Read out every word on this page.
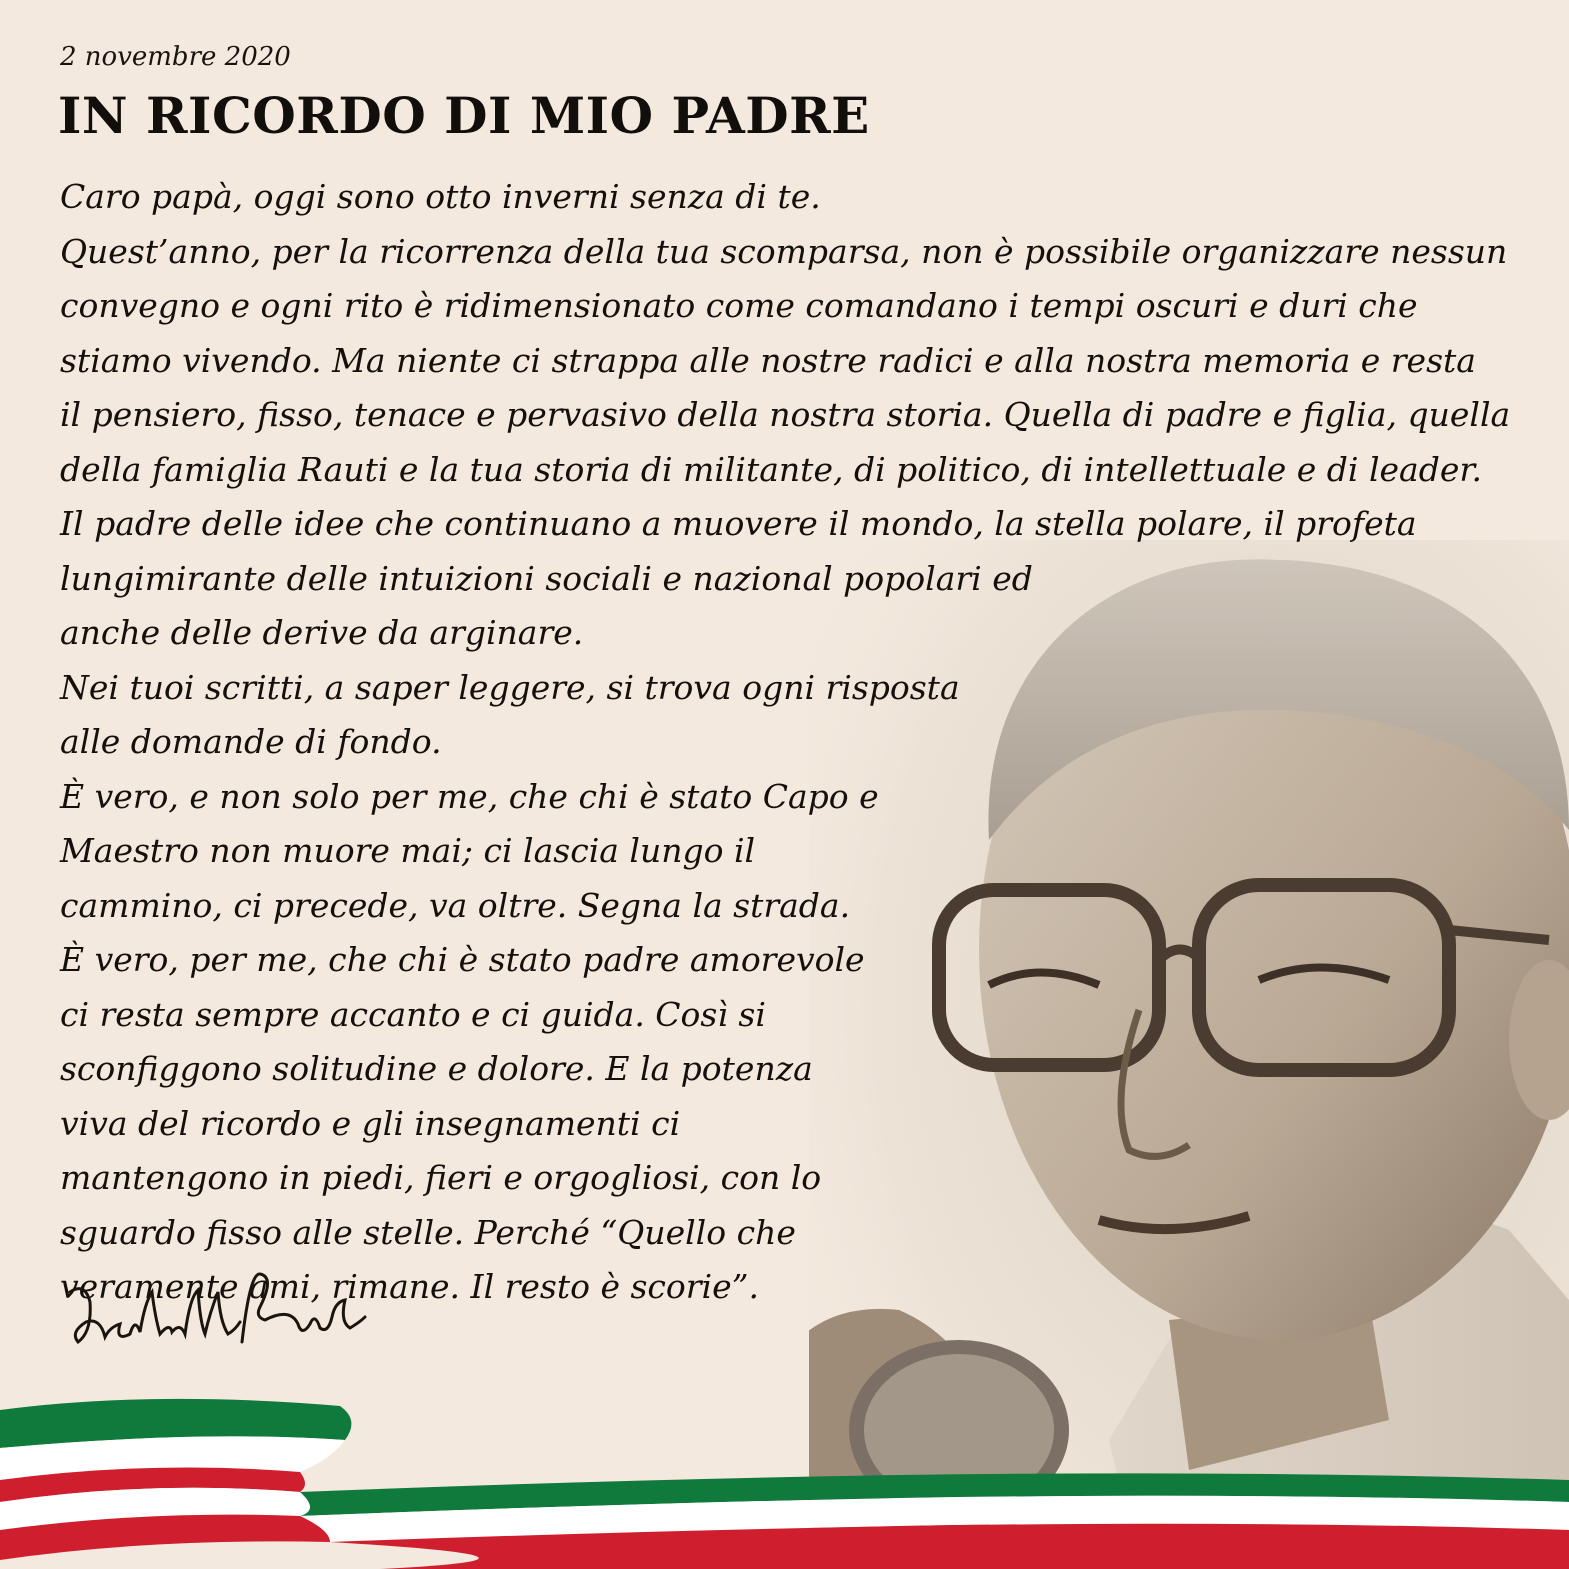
2 novembre 2020
IN RICORDO DI MIO PADRE
Caro papà, oggi sono otto inverni senza di te.
Quest’anno, per la ricorrenza della tua scomparsa, non è possibile organizzare nessun
convegno e ogni rito è ridimensionato come comandano i tempi oscuri e duri che
stiamo vivendo. Ma niente ci strappa alle nostre radici e alla nostra memoria e resta
il pensiero, fisso, tenace e pervasivo della nostra storia. Quella di padre e figlia, quella
della famiglia Rauti e la tua storia di militante, di politico, di intellettuale e di leader.
Il padre delle idee che continuano a muovere il mondo, la stella polare, il profeta
lungimirante delle intuizioni sociali e nazional popolari ed
anche delle derive da arginare.
Nei tuoi scritti, a saper leggere, si trova ogni risposta
alle domande di fondo.
È vero, e non solo per me, che chi è stato Capo e
Maestro non muore mai; ci lascia lungo il
cammino, ci precede, va oltre. Segna la strada.
È vero, per me, che chi è stato padre amorevole
ci resta sempre accanto e ci guida. Così si
sconfiggono solitudine e dolore. E la potenza
viva del ricordo e gli insegnamenti ci
mantengono in piedi, fieri e orgogliosi, con lo
sguardo fisso alle stelle. Perché “Quello che
veramente ami, rimane. Il resto è scorie”.
